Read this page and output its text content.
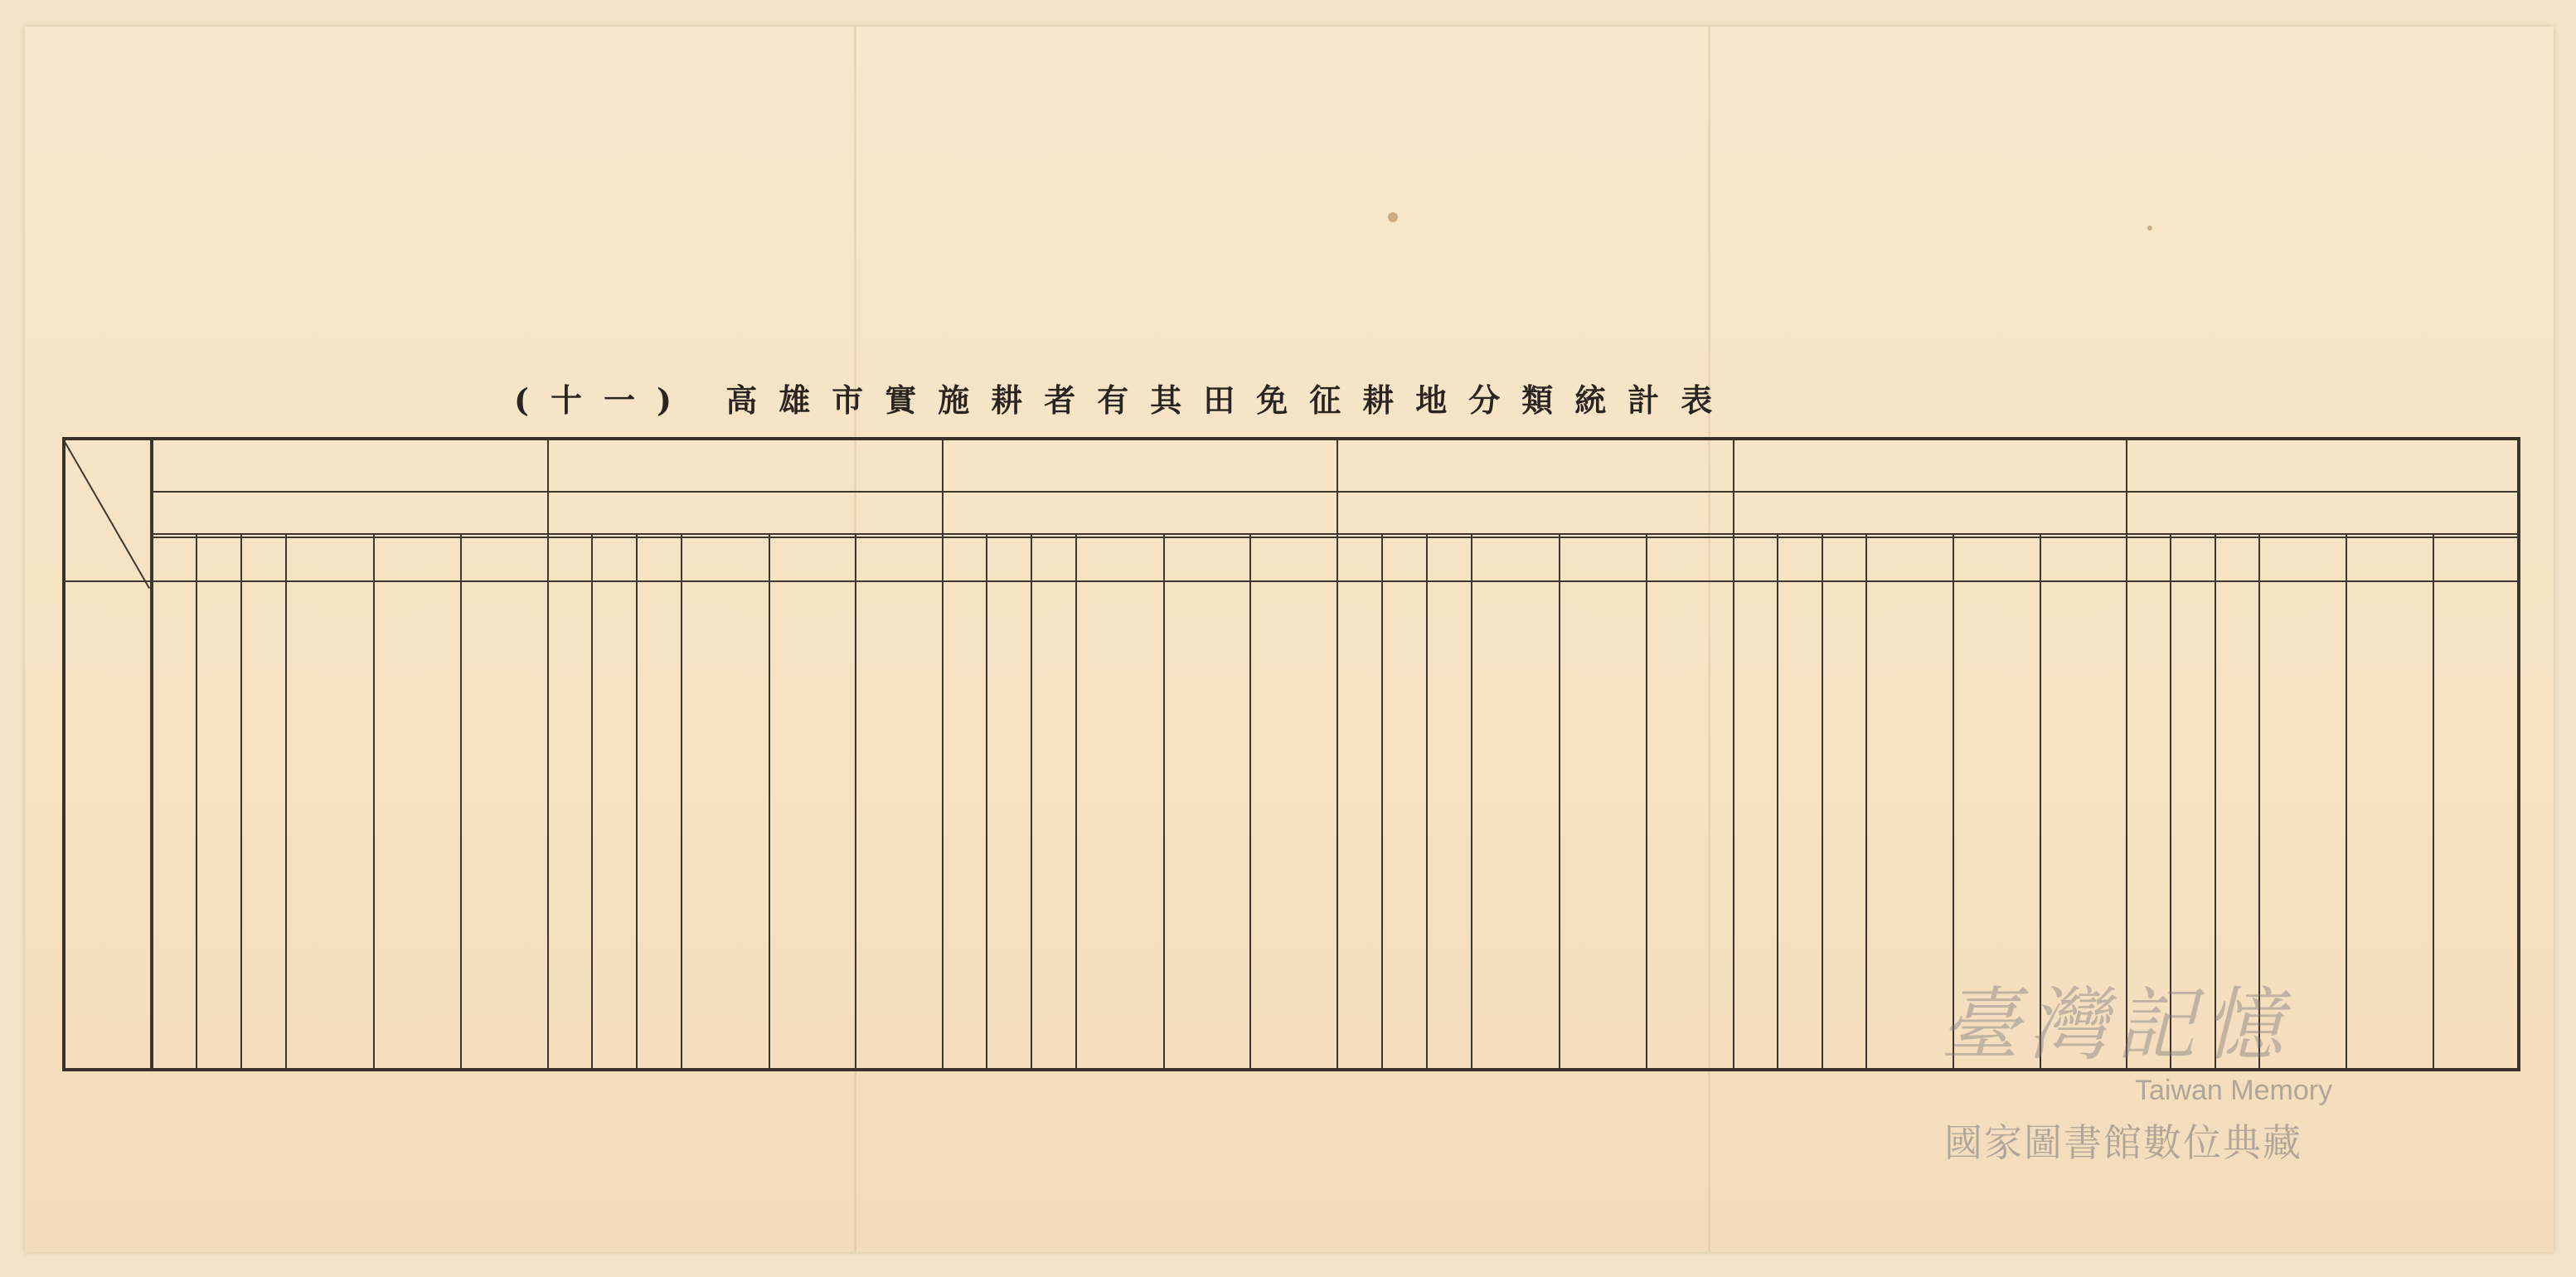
(十一) 高雄市實施耕者有其田免征耕地分類統計表
臺灣記憶
Taiwan Memory
國家圖書館數位典藏
